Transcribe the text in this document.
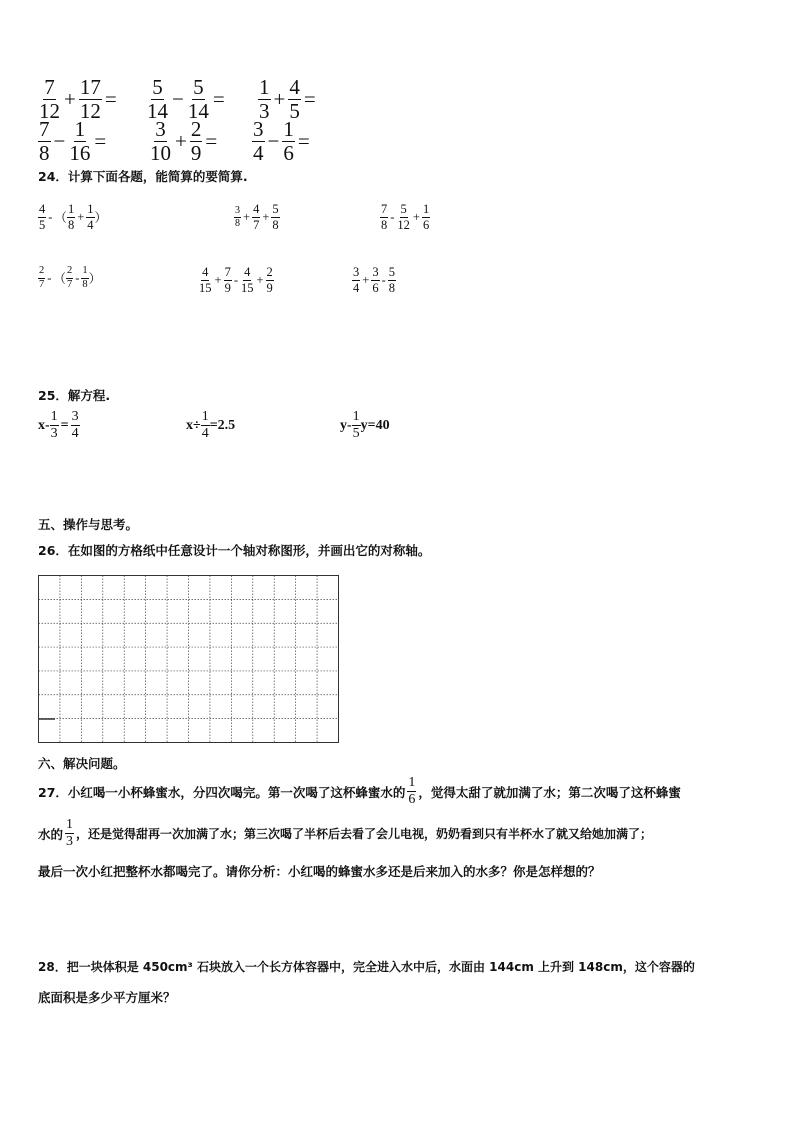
$\frac{7}{12} + \frac{17}{12} = \frac{5}{14} - \frac{5}{14} = \frac{1}{3} + \frac{4}{5}$ =
$\frac{7}{8} - \frac{1}{16} = \frac{3}{10} + \frac{2}{9} = \frac{3}{4} - \frac{1}{6}$ =
24．计算下面各题，能简算的要简算.
$\frac{4}{5}$ - （ $\frac{1}{8} + \frac{1}{4}$ ）	$\frac{3}{8} + \frac{4}{7} + \frac{5}{8}$	$\frac{7}{8} - \frac{5}{12} + \frac{1}{6}$
$\frac{2}{7}$ - （ $\frac{2}{7} - \frac{1}{8}$ ）	$\frac{4}{15} + \frac{7}{9} - \frac{4}{15} + \frac{2}{9}$	$\frac{3}{4} + \frac{3}{6} - \frac{5}{8}$
25．解方程.
$x- \frac{1}{3} = \frac{3}{4}$	$x\div \frac{1}{4} =2.5$	$y- \frac{1}{5} y=40$
五、操作与思考。
26．在如图的方格纸中任意设计一个轴对称图形，并画出它的对称轴。
六、解决问题。
27．小红喝一小杯蜂蜜水，分四次喝完。第一次喝了这杯蜂蜜水的 $\frac{1}{6}$ ，觉得太甜了就加满了水；第二次喝了这杯蜂蜜
水的 $\frac{1}{3}$ ，还是觉得甜再一次加满了水；第三次喝了半杯后去看了会儿电视，奶奶看到只有半杯水了就又给她加满了；
最后一次小红把整杯水都喝完了。请你分析：小红喝的蜂蜜水多还是后来加入的水多？你是怎样想的？
28．把一块体积是 450cm³ 石块放入一个长方体容器中，完全进入水中后，水面由 144cm 上升到 148cm，这个容器的
底面积是多少平方厘米？
